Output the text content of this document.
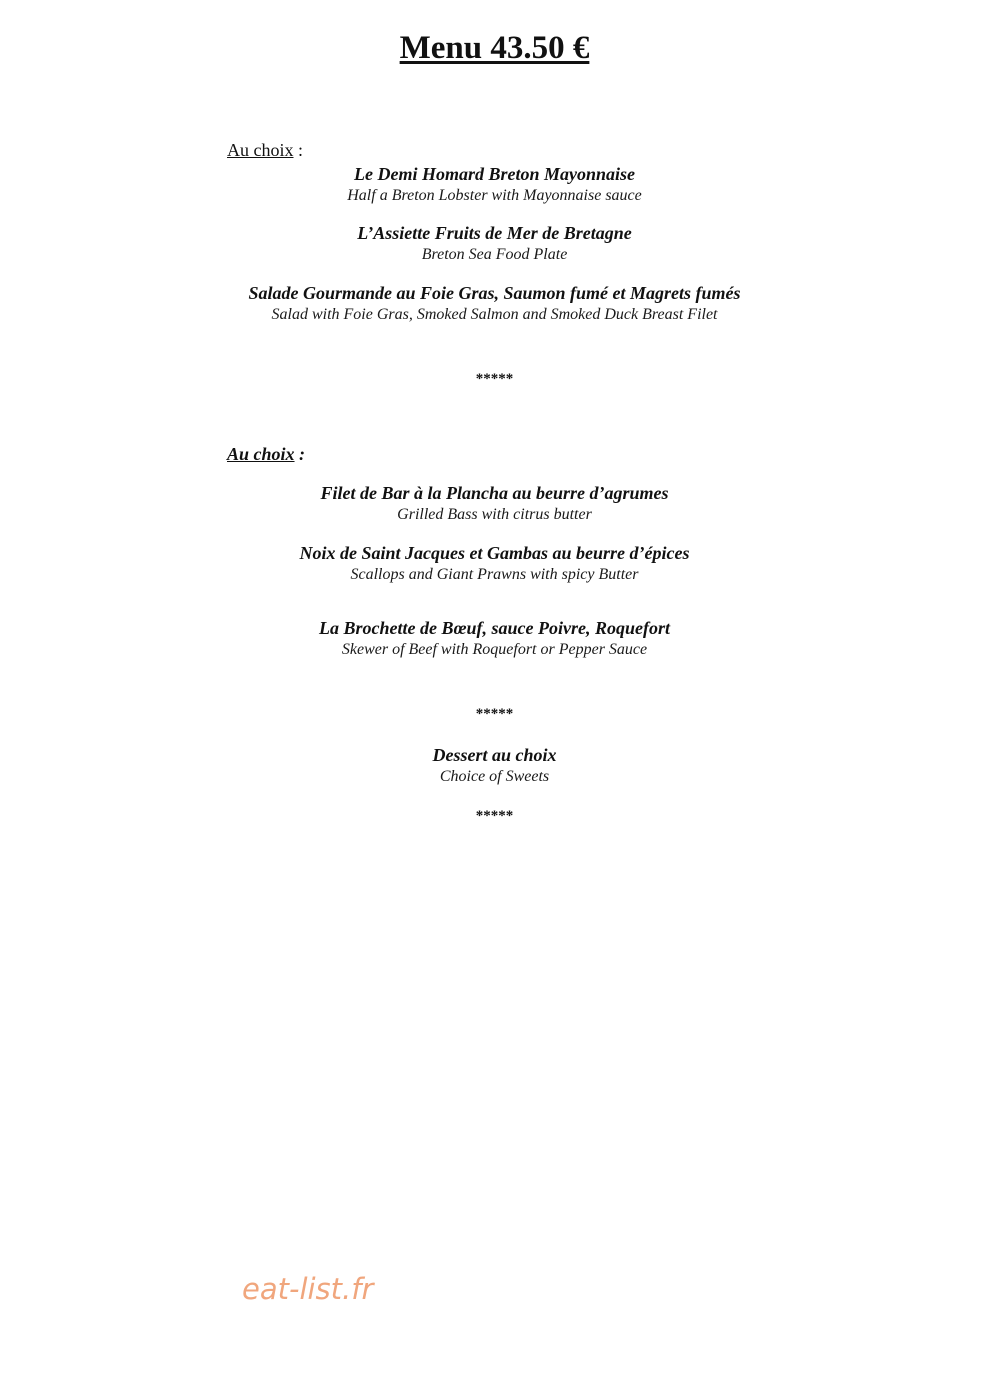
Menu 43.50 €

Au choix :

Le Demi Homard Breton Mayonnaise
Half a Breton Lobster with Mayonnaise sauce
L’Assiette Fruits de Mer de Bretagne
Breton Sea Food Plate
Salade Gourmande au Foie Gras, Saumon fumé et Magrets fumés
Salad with Foie Gras, Smoked Salmon and Smoked Duck Breast Filet
*****

Au choix :

Filet de Bar à la Plancha au beurre d’agrumes
Grilled Bass with citrus butter
Noix de Saint Jacques et Gambas au beurre d’épices
Scallops and Giant Prawns with spicy Butter
La Brochette de Bœuf, sauce Poivre, Roquefort
Skewer of Beef with Roquefort or Pepper Sauce
*****
Dessert au choix
Choice of Sweets
*****
eat-list.fr
